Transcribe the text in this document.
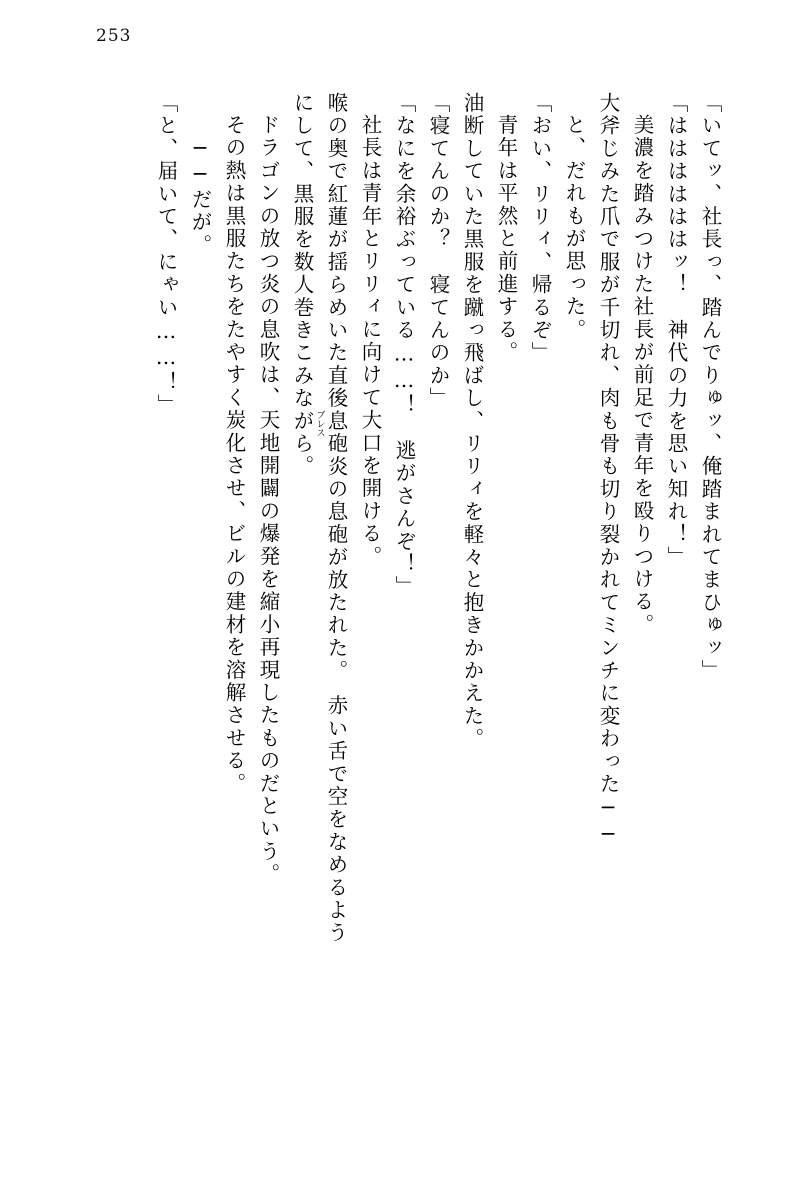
253
「いてッ、社長っ、踏んでりゅッ、俺踏まれてまひゅッ」
「ははははははッ！　神代の力を思い知れ！」
美濃を踏みつけた社長が前足で青年を殴りつける。
大斧じみた爪で服が千切れ、肉も骨も切り裂かれてミンチに変わった──
と、だれもが思った。
「おい、リリィ、帰るぞ」
青年は平然と前進する。
油断していた黒服を蹴っ飛ばし、リリィを軽々と抱きかかえた。
「寝てんのか？　寝てんのか」
「なにを余裕ぶっている……！　逃がさんぞ！」
社長は青年とリリィに向けて大口を開ける。
喉の奥で紅蓮が揺らめいた直後息砲
ブレス
炎の息砲が放たれた。　赤い舌で空をなめるよう
にして、黒服を数人巻きこみながら。
ドラゴンの放つ炎の息吹は、天地開闢の爆発を縮小再現したものだという。
その熱は黒服たちをたやすく炭化させ、ビルの建材を溶解させる。
──だが。
「と、届いて、にゃい……！」
